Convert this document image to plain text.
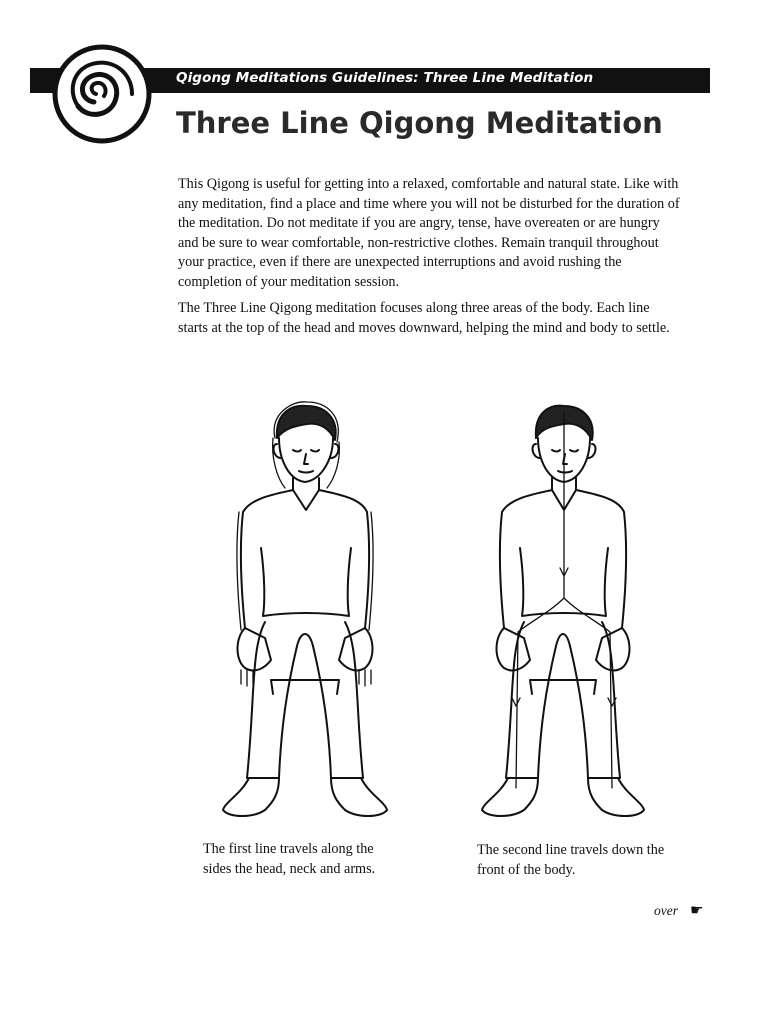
Qigong Meditations Guidelines: Three Line Meditation
Three Line Qigong Meditation

This Qigong is useful for getting into a relaxed, comfortable and natural state. Like with any meditation, find a place and time where you will not be disturbed for the duration of the meditation. Do not meditate if you are angry, tense, have overeaten or are hungry and be sure to wear comfortable, non-restrictive clothes. Remain tranquil throughout your practice, even if there are unexpected interruptions and avoid rushing the completion of your meditation session.

The Three Line Qigong meditation focuses along three areas of the body. Each line starts at the top of the head and moves downward, helping the mind and body to settle.

The first line travels along the sides the head, neck and arms.

The second line travels down the front of the body.

over ☛
